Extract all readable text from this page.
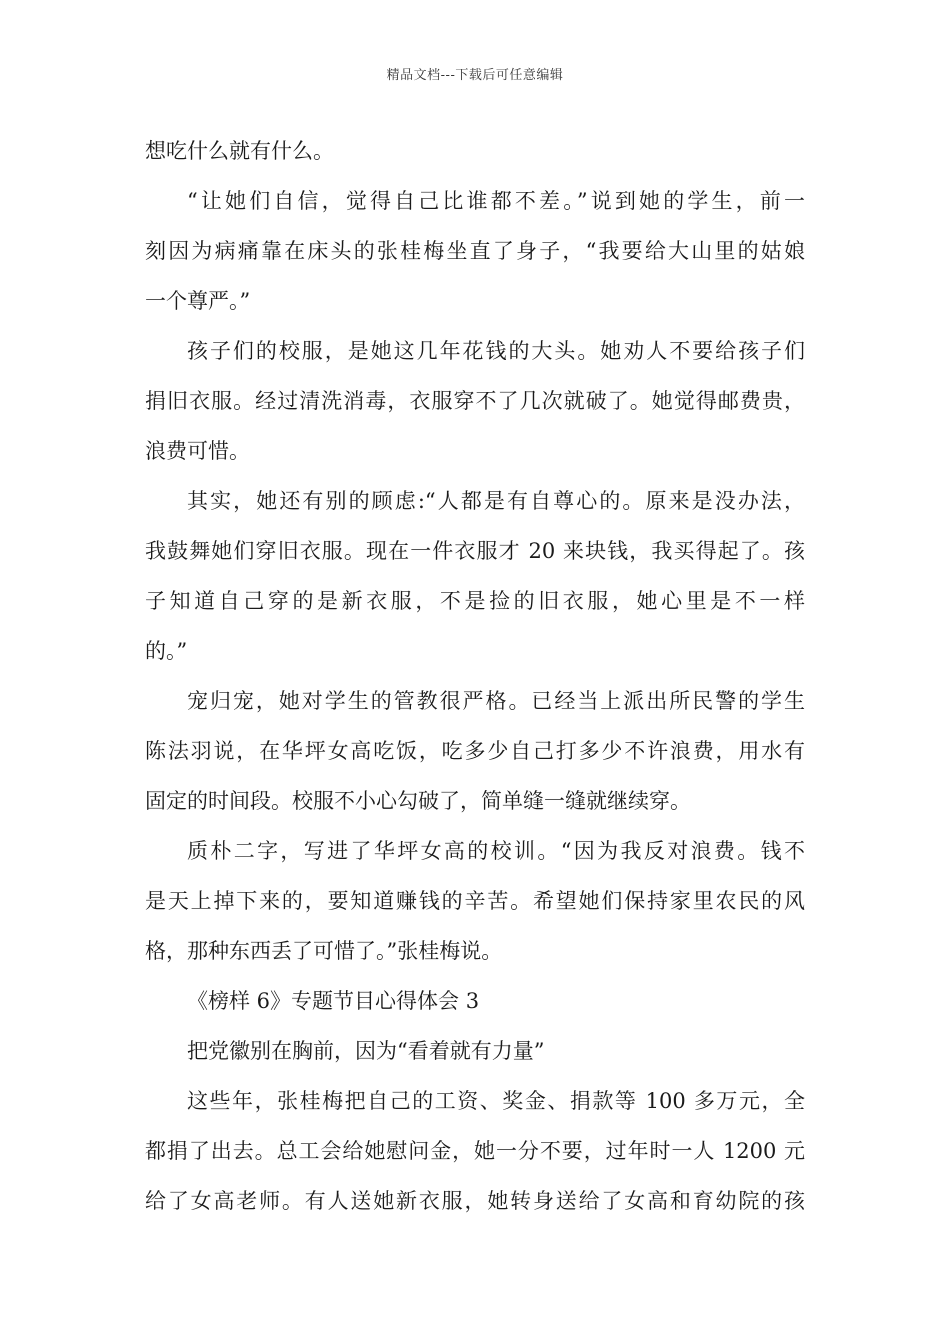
精品文档---下载后可任意编辑
想吃什么就有什么。
“让她们自信，觉得自己比谁都不差。”说到她的学生，前一
刻因为病痛靠在床头的张桂梅坐直了身子，“我要给大山里的姑娘
一个尊严。”
孩子们的校服，是她这几年花钱的大头。她劝人不要给孩子们
捐旧衣服。经过清洗消毒，衣服穿不了几次就破了。她觉得邮费贵，
浪费可惜。
其实，她还有别的顾虑:“人都是有自尊心的。原来是没办法，
我鼓舞她们穿旧衣服。现在一件衣服才 20 来块钱，我买得起了。孩
子知道自己穿的是新衣服，不是捡的旧衣服，她心里是不一样
的。”
宠归宠，她对学生的管教很严格。已经当上派出所民警的学生
陈法羽说，在华坪女高吃饭，吃多少自己打多少不许浪费，用水有
固定的时间段。校服不小心勾破了，简单缝一缝就继续穿。
质朴二字，写进了华坪女高的校训。“因为我反对浪费。钱不
是天上掉下来的，要知道赚钱的辛苦。希望她们保持家里农民的风
格，那种东西丢了可惜了。”张桂梅说。
《榜样 6》专题节目心得体会 3
把党徽别在胸前，因为“看着就有力量”
这些年，张桂梅把自己的工资、奖金、捐款等 100 多万元，全
都捐了出去。总工会给她慰问金，她一分不要，过年时一人 1200 元
给了女高老师。有人送她新衣服，她转身送给了女高和育幼院的孩
